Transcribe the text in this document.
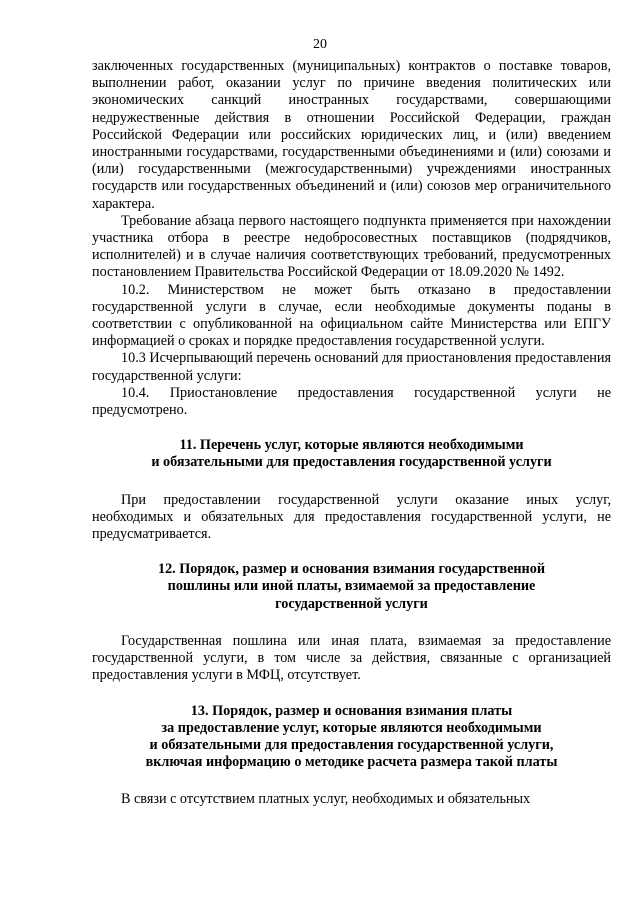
20

заключенных государственных (муниципальных) контрактов о поставке товаров, выполнении работ, оказании услуг по причине введения политических или экономических санкций иностранных государствами, совершающими недружественные действия в отношении Российской Федерации, граждан Российской Федерации или российских юридических лиц, и (или) введением иностранными государствами, государственными объединениями и (или) союзами и (или) государственными (межгосударственными) учреждениями иностранных государств или государственных объединений и (или) союзов мер ограничительного характера.

Требование абзаца первого настоящего подпункта применяется при нахождении участника отбора в реестре недобросовестных поставщиков (подрядчиков, исполнителей) и в случае наличия соответствующих требований, предусмотренных постановлением Правительства Российской Федерации от 18.09.2020 № 1492.

10.2. Министерством не может быть отказано в предоставлении государственной услуги в случае, если необходимые документы поданы в соответствии с опубликованной на официальном сайте Министерства или ЕПГУ информацией о сроках и порядке предоставления государственной услуги.

10.3 Исчерпывающий перечень оснований для приостановления предоставления государственной услуги:

10.4. Приостановление предоставления государственной услуги не предусмотрено.

11. Перечень услуг, которые являются необходимыми
и обязательными для предоставления государственной услуги

При предоставлении государственной услуги оказание иных услуг, необходимых и обязательных для предоставления государственной услуги, не предусматривается.

12. Порядок, размер и основания взимания государственной
пошлины или иной платы, взимаемой за предоставление
государственной услуги

Государственная пошлина или иная плата, взимаемая за предоставление государственной услуги, в том числе за действия, связанные с организацией предоставления услуги в МФЦ, отсутствует.

13. Порядок, размер и основания взимания платы
за предоставление услуг, которые являются необходимыми
и обязательными для предоставления государственной услуги,
включая информацию о методике расчета размера такой платы

В связи с отсутствием платных услуг, необходимых и обязательных
